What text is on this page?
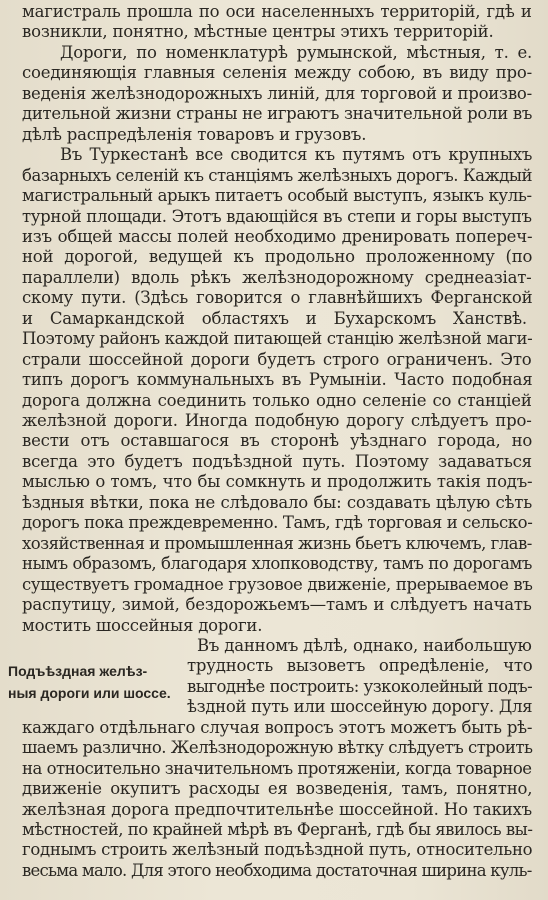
магистраль прошла по оси населенныхъ территорій, гдѣ и
возникли, понятно, мѣстные центры этихъ территорій.
Дороги, по номенклатурѣ румынской, мѣстныя, т. е.
соединяющія главныя селенія между собою, въ виду про-
веденія желѣзнодорожныхъ линій, для торговой и произво-
дительной жизни страны не играютъ значительной роли въ
дѣлѣ распредѣленія товаровъ и грузовъ.
Въ Туркестанѣ все сводится къ путямъ отъ крупныхъ
базарныхъ селеній къ станціямъ желѣзныхъ дорогъ. Каждый
магистральный арыкъ питаетъ особый выступъ, языкъ куль-
турной площади. Этотъ вдающійся въ степи и горы выступъ
изъ общей массы полей необходимо дренировать попереч-
ной дорогой, ведущей къ продольно проложенному (по
параллели) вдоль рѣкъ желѣзнодорожному среднеазіат-
скому пути. (Здѣсь говорится о главнѣйшихъ Ферганской
и Самаркандской областяхъ и Бухарскомъ Ханствѣ.
Поэтому районъ каждой питающей станцію желѣзной маги-
страли шоссейной дороги будетъ строго ограниченъ. Это
типъ дорогъ коммунальныхъ въ Румыніи. Часто подобная
дорога должна соединить только одно селеніе со станціей
желѣзной дороги. Иногда подобную дорогу слѣдуетъ про-
вести отъ оставшагося въ сторонѣ уѣзднаго города, но
всегда это будетъ подъѣздной путь. Поэтому задаваться
мыслью о томъ, что бы сомкнуть и продолжить такія подъ-
ѣздныя вѣтки, пока не слѣдовало бы: создавать цѣлую сѣть
дорогъ пока преждевременно. Тамъ, гдѣ торговая и сельско-
хозяйственная и промышленная жизнь бьетъ ключемъ, глав-
нымъ образомъ, благодаря хлопководству, тамъ по дорогамъ
существуетъ громадное грузовое движеніе, прерываемое въ
распутицу, зимой, бездорожьемъ—тамъ и слѣдуетъ начать
мостить шоссейныя дороги.
Въ данномъ дѣлѣ, однако, наибольшую
трудность вызоветъ опредѣленіе, что
выгоднѣе построить: узкоколейный подъ-
ѣздной путь или шоссейную дорогу. Для
каждаго отдѣльнаго случая вопросъ этотъ можетъ быть рѣ-
шаемъ различно. Желѣзнодорожную вѣтку слѣдуетъ строить
на относительно значительномъ протяженіи, когда товарное
движеніе окупитъ расходы ея возведенія, тамъ, понятно,
желѣзная дорога предпочтительнѣе шоссейной. Но такихъ
мѣстностей, по крайней мѣрѣ въ Ферганѣ, гдѣ бы явилось вы-
годнымъ строить желѣзный подъѣздной путь, относительно
весьма мало. Для этого необходима достаточная ширина куль-
Подъѣздная желѣз-
ныя дороги или шоссе.
